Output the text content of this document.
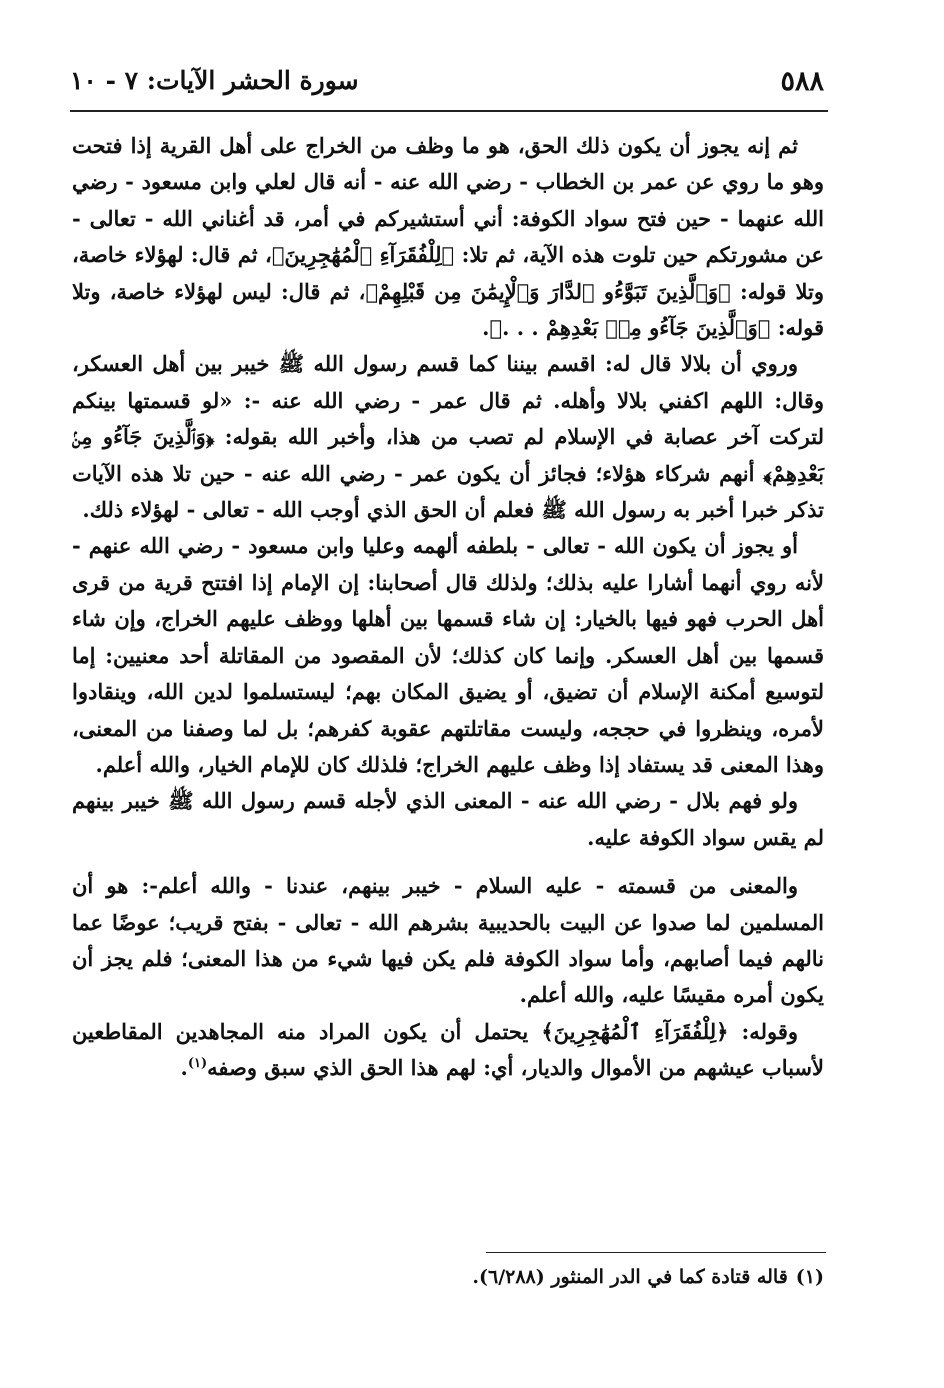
٥٨٨
سورة الحشر الآيات: ٧ - ١٠

ثم إنه يجوز أن يكون ذلك الحق، هو ما وظف من الخراج على أهل القرية إذا فتحت وهو ما روي عن عمر بن الخطاب - رضي الله عنه - أنه قال لعلي وابن مسعود - رضي الله عنهما - حين فتح سواد الكوفة: أني أستشيركم في أمر، قد أغناني الله - تعالى - عن مشورتكم حين تلوت هذه الآية، ثم تلا: ﴿لِلْفُقَرَآءِ ٱلْمُهَٰجِرِينَ﴾، ثم قال: لهؤلاء خاصة، وتلا قوله: ﴿وَٱلَّذِينَ تَبَوَّءُو ٱلدَّارَ وَٱلْإِيمَٰنَ مِن قَبْلِهِمْ﴾، ثم قال: ليس لهؤلاء خاصة، وتلا قوله: ﴿وَٱلَّذِينَ جَآءُو مِنۢ بَعْدِهِمْ . . .﴾.

وروي أن بلالا قال له: اقسم بيننا كما قسم رسول الله ﷺ خيبر بين أهل العسكر، وقال: اللهم اكفني بلالا وأهله. ثم قال عمر - رضي الله عنه -: «لو قسمتها بينكم لتركت آخر عصابة في الإسلام لم تصب من هذا، وأخبر الله بقوله: ﴿وَٱلَّذِينَ جَآءُو مِنۢ بَعْدِهِمْ﴾ أنهم شركاء هؤلاء؛ فجائز أن يكون عمر - رضي الله عنه - حين تلا هذه الآيات تذكر خبرا أخبر به رسول الله ﷺ فعلم أن الحق الذي أوجب الله - تعالى - لهؤلاء ذلك.

أو يجوز أن يكون الله - تعالى - بلطفه ألهمه وعليا وابن مسعود - رضي الله عنهم - لأنه روي أنهما أشارا عليه بذلك؛ ولذلك قال أصحابنا: إن الإمام إذا افتتح قرية من قرى أهل الحرب فهو فيها بالخيار: إن شاء قسمها بين أهلها ووظف عليهم الخراج، وإن شاء قسمها بين أهل العسكر. وإنما كان كذلك؛ لأن المقصود من المقاتلة أحد معنيين: إما لتوسيع أمكنة الإسلام أن تضيق، أو يضيق المكان بهم؛ ليستسلموا لدين الله، وينقادوا لأمره، وينظروا في حججه، وليست مقاتلتهم عقوبة كفرهم؛ بل لما وصفنا من المعنى، وهذا المعنى قد يستفاد إذا وظف عليهم الخراج؛ فلذلك كان للإمام الخيار، والله أعلم.

ولو فهم بلال - رضي الله عنه - المعنى الذي لأجله قسم رسول الله ﷺ خيبر بينهم لم يقس سواد الكوفة عليه.

والمعنى من قسمته - عليه السلام - خيبر بينهم، عندنا - والله أعلم-: هو أن المسلمين لما صدوا عن البيت بالحديبية بشرهم الله - تعالى - بفتح قريب؛ عوضًا عما نالهم فيما أصابهم، وأما سواد الكوفة فلم يكن فيها شيء من هذا المعنى؛ فلم يجز أن يكون أمره مقيسًا عليه، والله أعلم.

وقوله: ﴿لِلْفُقَرَآءِ ٱلْمُهَٰجِرِينَ﴾ يحتمل أن يكون المراد منه المجاهدين المقاطعين لأسباب عيشهم من الأموال والديار، أي: لهم هذا الحق الذي سبق وصفه$^{(١)}$.

(١)قاله قتادة كما في الدر المنثور (٦/٢٨٨).
